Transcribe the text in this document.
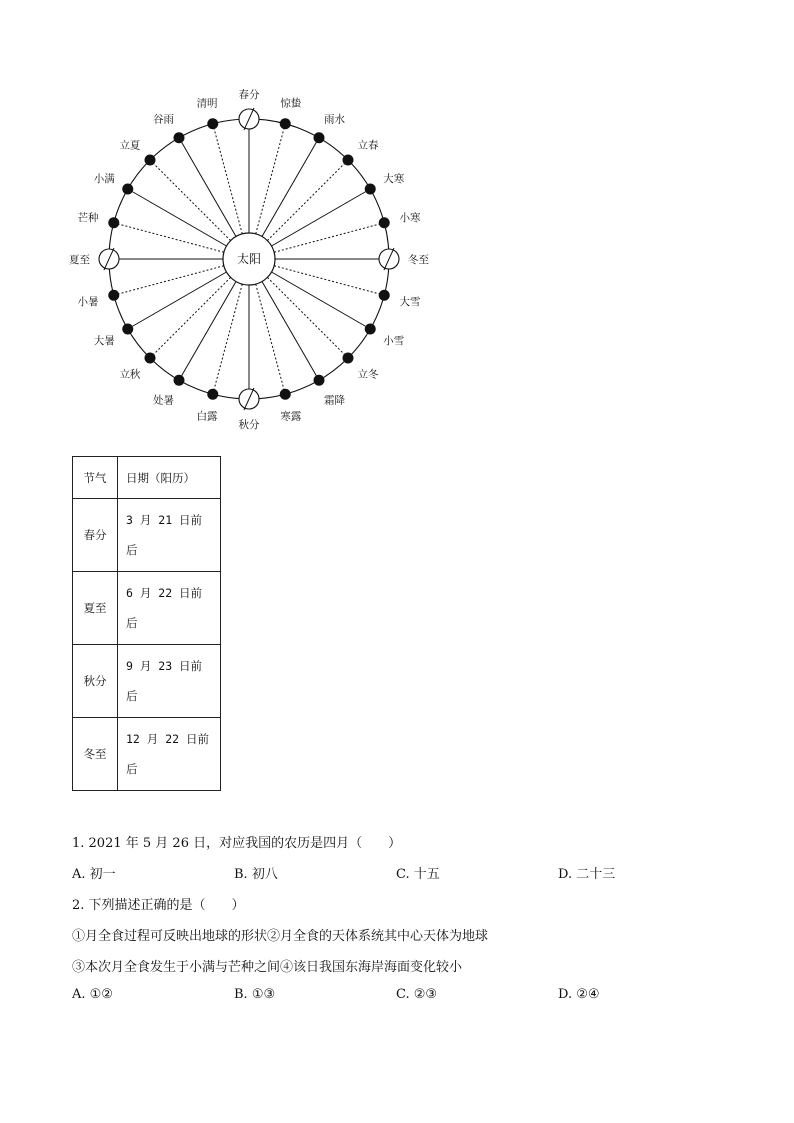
春分
惊蛰
雨水
立春
大寒
小寒
冬至
大雪
小雪
立冬
霜降
寒露
秋分
白露
处暑
立秋
大暑
小暑
夏至
芒种
小满
立夏
谷雨
清明
太阳
节气	日期（阳历）
春分	3 月 21 日前
后
夏至	6 月 22 日前
后
秋分	9 月 23 日前
后
冬至	12 月 22 日前
后
1. 2021 年 5 月 26 日，对应我国的农历是四月（　　）
A. 初一	B. 初八	C. 十五	D. 二十三
2. 下列描述正确的是（　　）
①月全食过程可反映出地球的形状②月全食的天体系统其中心天体为地球
③本次月全食发生于小满与芒种之间④该日我国东海岸海面变化较小
A. ①②	B. ①③	C. ②③	D. ②④
